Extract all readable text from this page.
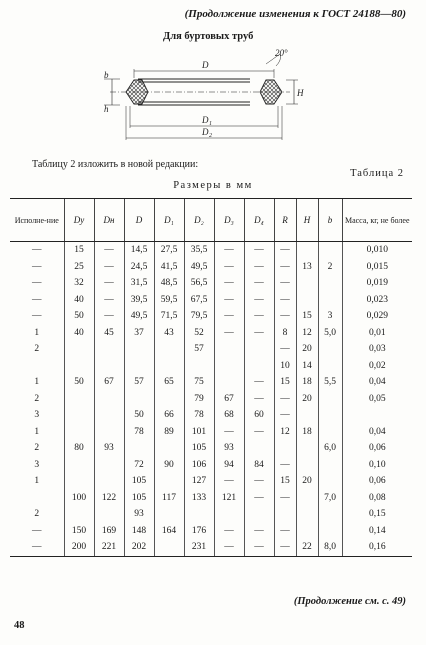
(Продолжение изменения к ГОСТ 24188—80)
Для буртовых труб
D
D 1
D 2
H
b
h
20°
Таблицу 2 изложить в новой редакции:
Таблица 2
Размеры в мм
Исполне-ние	Dу	Dн	D	D₁	D₂	D₃	D₄	R	H	b	Масса, кг, не более
—	15	—	14,5	27,5	35,5	—	—	—			0,010
—	25	—	24,5	41,5	49,5	—	—	—	13	2	0,015
—	32	—	31,5	48,5	56,5	—	—	—			0,019
—	40	—	39,5	59,5	67,5	—	—	—			0,023
—	50	—	49,5	71,5	79,5	—	—	—	15	3	0,029
1	40	45	37	43	52	—	—	8	12	5,0	0,01
2					57			—	20		0,03
								10	14		0,02
1	50	67	57	65	75		—	15	18	5,5	0,04
2					79	67	—	—	20		0,05
3			50	66	78	68	60	—			
1			78	89	101	—	—	12	18		0,04
2	80	93			105	93				6,0	0,06
3			72	90	106	94	84	—			0,10
1			105		127	—	—	15	20		0,06
	100	122	105	117	133	121	—	—		7,0	0,08
2			93								0,15
—	150	169	148	164	176	—	—	—			0,14
—	200	221	202		231	—	—	—	22	8,0	0,16
(Продолжение см. с. 49)
48
